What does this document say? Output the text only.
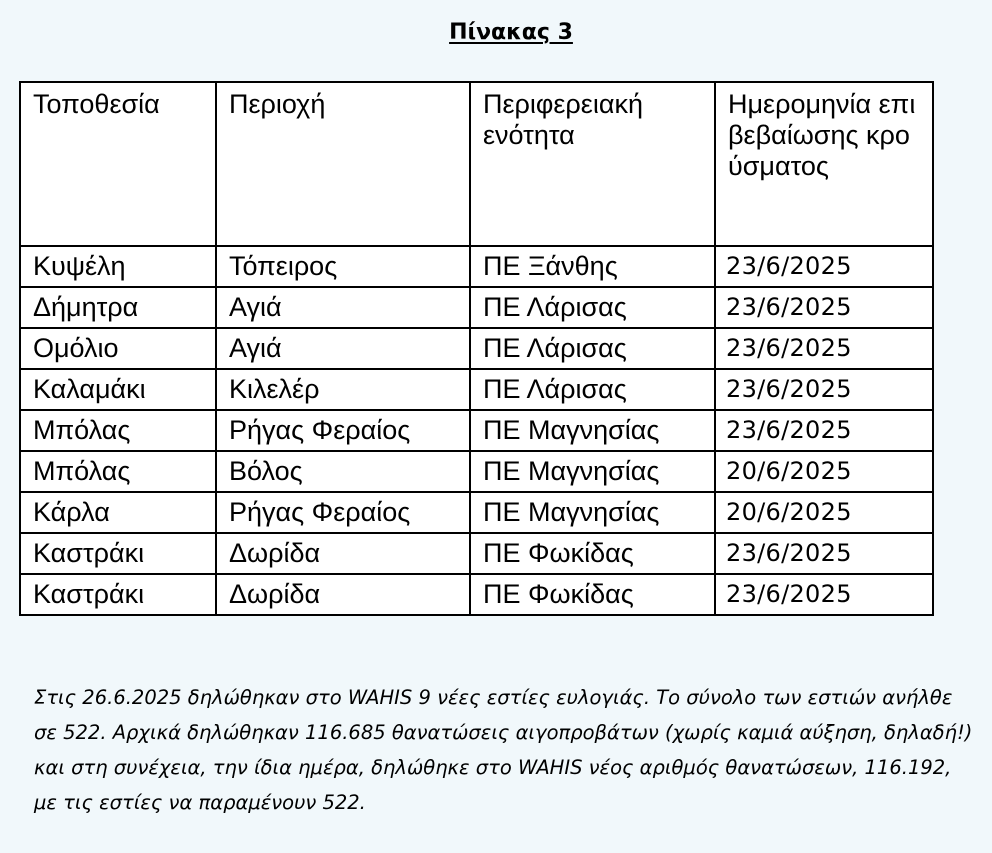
Πίνακας 3
Τοποθεσία	Περιοχή	Περιφερειακή ενότητα	Ημερομηνία επιβεβαίωσης κρούσματος

Κυψέλη	Τόπειρος	ΠΕ Ξάνθης	23/6/2025
Δήμητρα	Αγιά	ΠΕ Λάρισας	23/6/2025
Ομόλιο	Αγιά	ΠΕ Λάρισας	23/6/2025
Καλαμάκι	Κιλελέρ	ΠΕ Λάρισας	23/6/2025
Μπόλας	Ρήγας Φεραίος	ΠΕ Μαγνησίας	23/6/2025
Μπόλας	Βόλος	ΠΕ Μαγνησίας	20/6/2025
Κάρλα	Ρήγας Φεραίος	ΠΕ Μαγνησίας	20/6/2025
Καστράκι	Δωρίδα	ΠΕ Φωκίδας	23/6/2025
Καστράκι	Δωρίδα	ΠΕ Φωκίδας	23/6/2025
Στις 26.6.2025 δηλώθηκαν στο WAHIS 9 νέες εστίες ευλογιάς. Το σύνολο των εστιών ανήλθε σε 522. Αρχικά δηλώθηκαν 116.685 θανατώσεις αιγοπροβάτων (χωρίς καμιά αύξηση, δηλαδή!) και στη συνέχεια, την ίδια ημέρα, δηλώθηκε στο WAHIS νέος αριθμός θανατώσεων, 116.192, με τις εστίες να παραμένουν 522.
